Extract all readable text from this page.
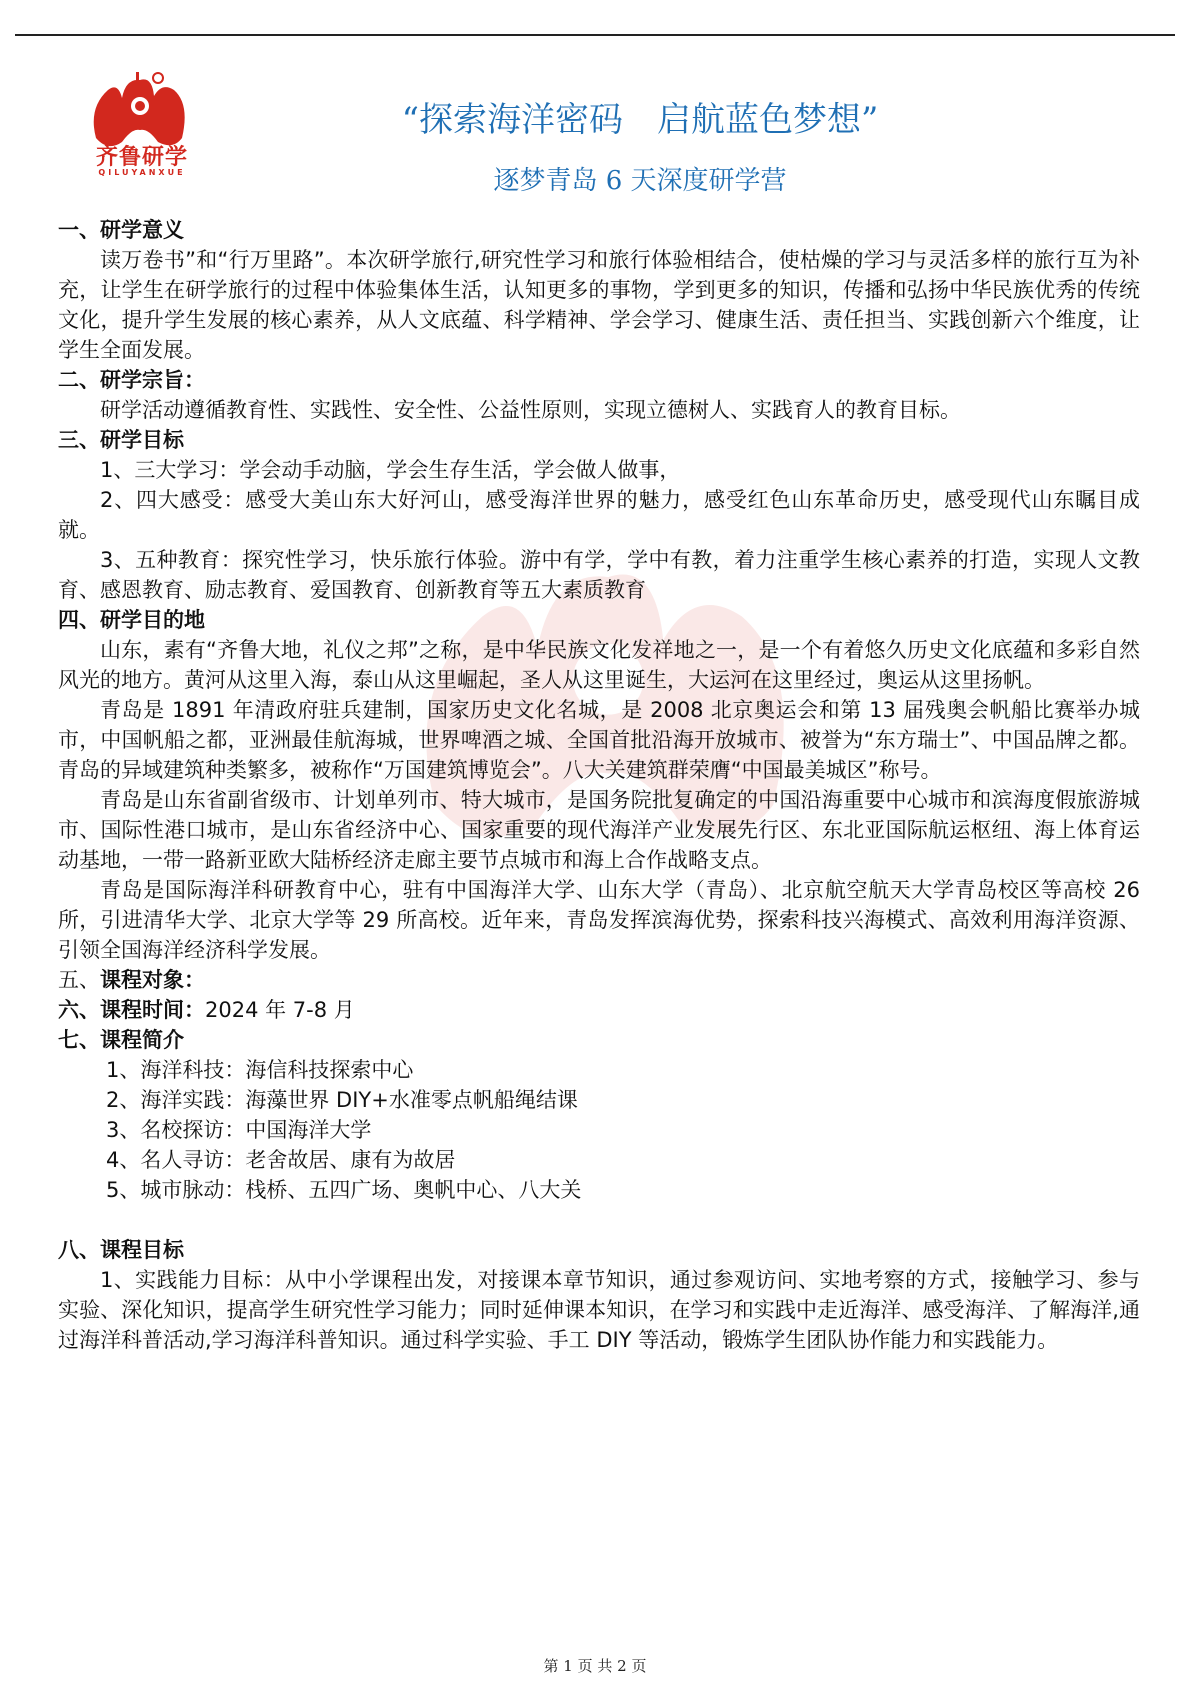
齐鲁研学
QILUYANXUE
“探索海洋密码　启航蓝色梦想”
逐梦青岛 6 天深度研学营

一、研学意义

读万卷书”和“行万里路”。本次研学旅行,研究性学习和旅行体验相结合，使枯燥的学习与灵活多样的旅行互为补充，让学生在研学旅行的过程中体验集体生活，认知更多的事物，学到更多的知识，传播和弘扬中华民族优秀的传统文化，提升学生发展的核心素养，从人文底蕴、科学精神、学会学习、健康生活、责任担当、实践创新六个维度，让学生全面发展。

二、研学宗旨：

研学活动遵循教育性、实践性、安全性、公益性原则，实现立德树人、实践育人的教育目标。

三、研学目标

1、三大学习：学会动手动脑，学会生存生活，学会做人做事，

2、四大感受：感受大美山东大好河山，感受海洋世界的魅力，感受红色山东革命历史，感受现代山东瞩目成就。

3、五种教育：探究性学习，快乐旅行体验。游中有学，学中有教，着力注重学生核心素养的打造，实现人文教育、感恩教育、励志教育、爱国教育、创新教育等五大素质教育

四、研学目的地

山东，素有“齐鲁大地，礼仪之邦”之称，是中华民族文化发祥地之一，是一个有着悠久历史文化底蕴和多彩自然风光的地方。黄河从这里入海，泰山从这里崛起，圣人从这里诞生，大运河在这里经过，奥运从这里扬帆。

青岛是 1891 年清政府驻兵建制，国家历史文化名城，是 2008 北京奥运会和第 13 届残奥会帆船比赛举办城市，中国帆船之都，亚洲最佳航海城，世界啤酒之城、全国首批沿海开放城市、被誉为“东方瑞士”、中国品牌之都。青岛的异域建筑种类繁多，被称作“万国建筑博览会”。八大关建筑群荣膺“中国最美城区”称号。

青岛是山东省副省级市、计划单列市、特大城市，是国务院批复确定的中国沿海重要中心城市和滨海度假旅游城市、国际性港口城市，是山东省经济中心、国家重要的现代海洋产业发展先行区、东北亚国际航运枢纽、海上体育运动基地，一带一路新亚欧大陆桥经济走廊主要节点城市和海上合作战略支点。

青岛是国际海洋科研教育中心，驻有中国海洋大学、山东大学（青岛）、北京航空航天大学青岛校区等高校 26 所，引进清华大学、北京大学等 29 所高校。近年来，青岛发挥滨海优势，探索科技兴海模式、高效利用海洋资源、引领全国海洋经济科学发展。

五、课程对象：

六、课程时间：2024 年 7-8 月

七、课程简介

1、海洋科技：海信科技探索中心

2、海洋实践：海藻世界 DIY+水准零点帆船绳结课

3、名校探访：中国海洋大学

4、名人寻访：老舍故居、康有为故居

5、城市脉动：栈桥、五四广场、奥帆中心、八大关

八、课程目标

1、实践能力目标：从中小学课程出发，对接课本章节知识，通过参观访问、实地考察的方式，接触学习、参与实验、深化知识，提高学生研究性学习能力；同时延伸课本知识，在学习和实践中走近海洋、感受海洋、了解海洋,通过海洋科普活动,学习海洋科普知识。通过科学实验、手工 DIY 等活动，锻炼学生团队协作能力和实践能力。

第 1 页 共 2 页
